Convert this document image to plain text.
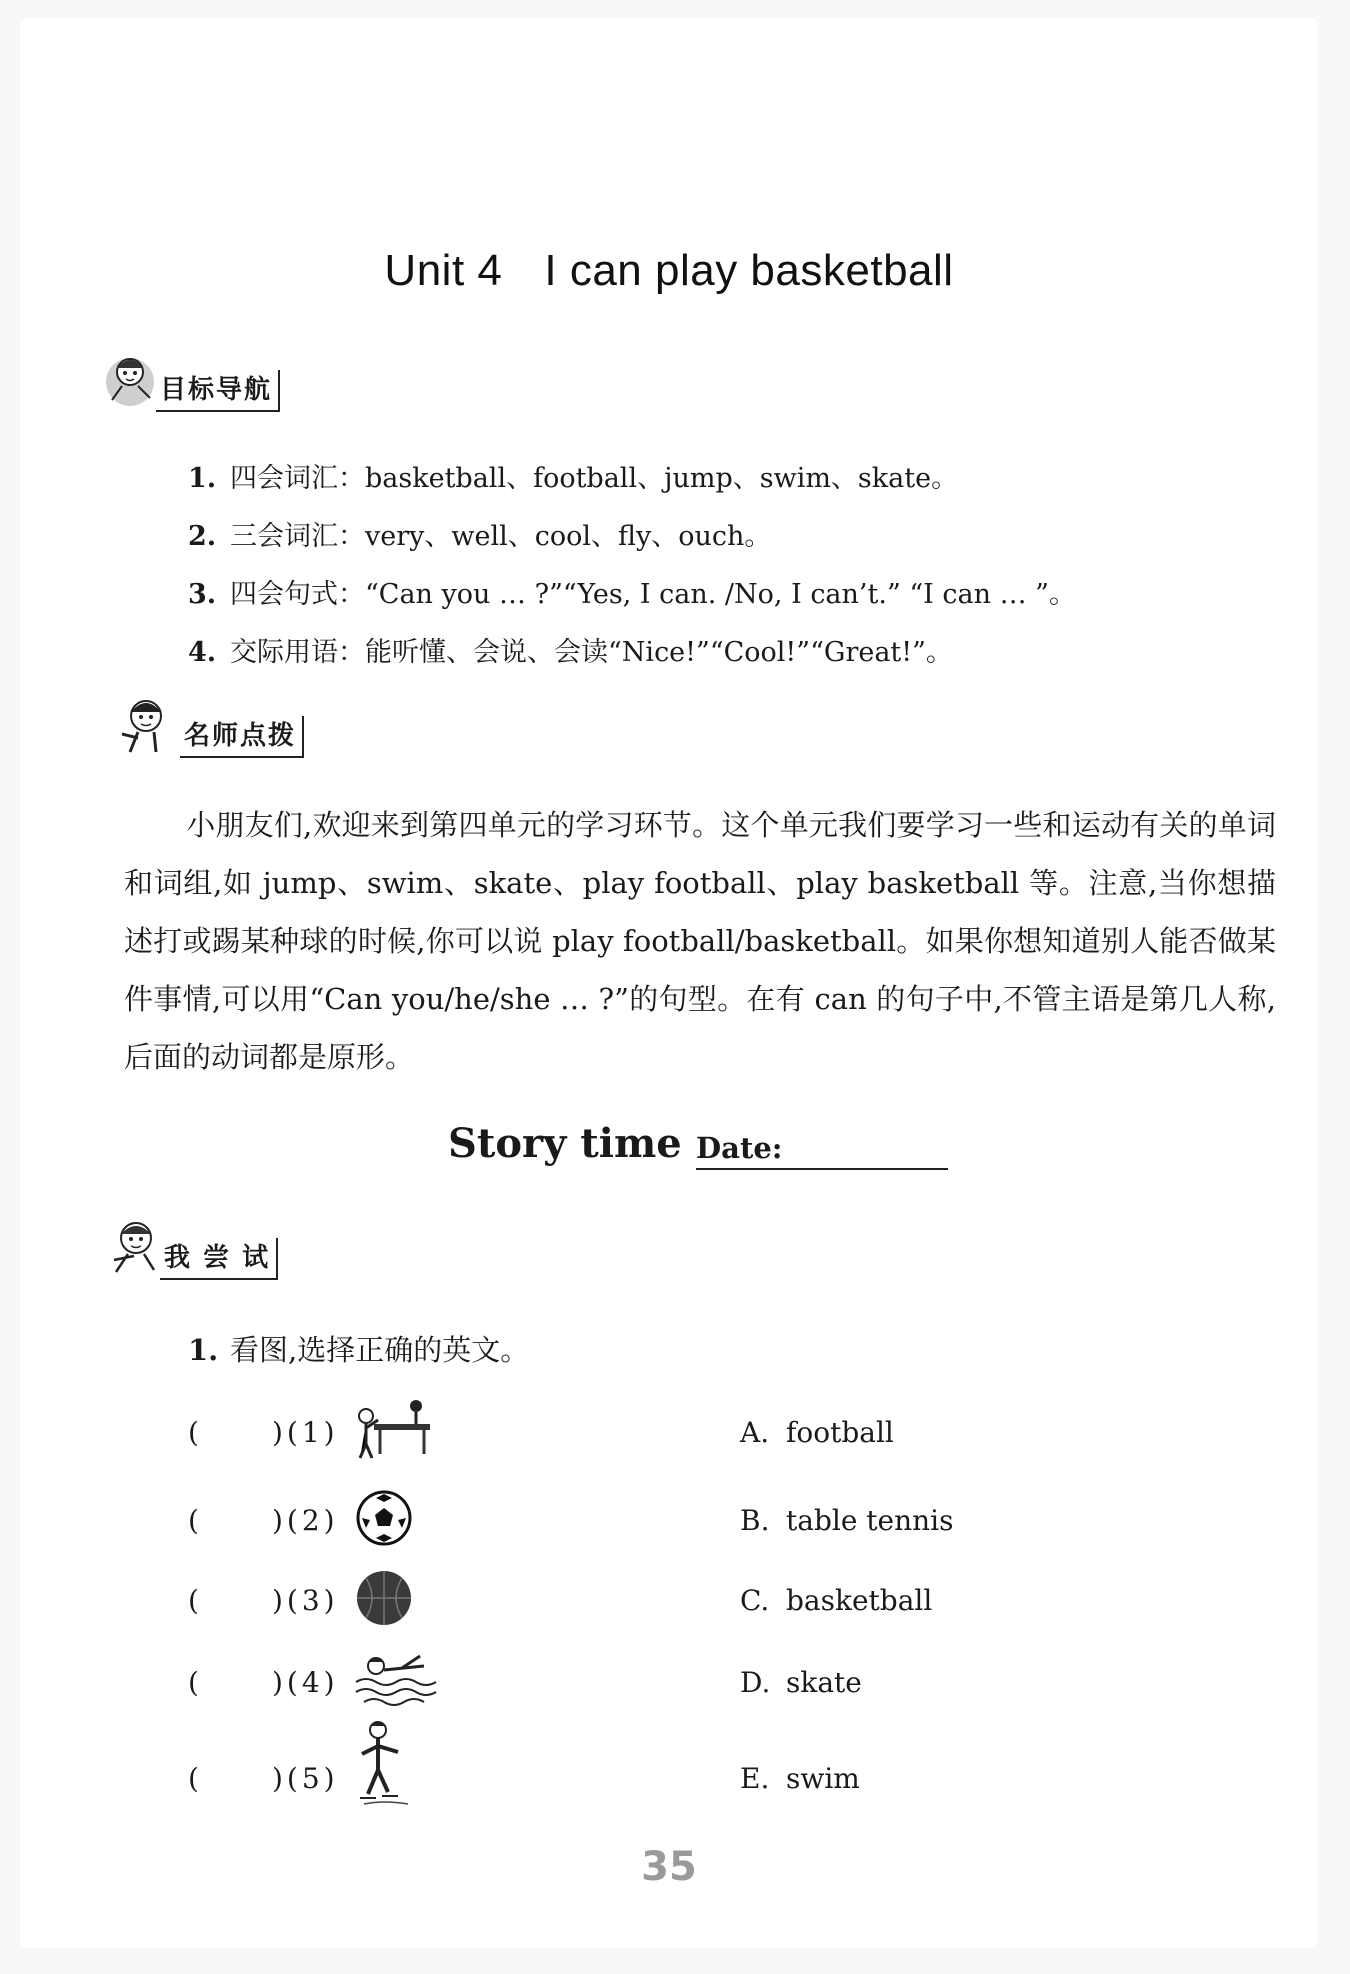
Unit 4 I can play basketball
目标导航
1. 四会词汇：basketball、football、jump、swim、skate。
2. 三会词汇：very、well、cool、fly、ouch。
3. 四会句式：“Can you … ?”“Yes, I can. /No, I can’t.” “I can … ”。
4. 交际用语：能听懂、会说、会读“Nice!”“Cool!”“Great!”。
名师点拨

小朋友们,欢迎来到第四单元的学习环节。这个单元我们要学习一些和运动有关的单词和词组,如 jump、swim、skate、play football、play basketball 等。注意,当你想描述打或踢某种球的时候,你可以说 play football/basketball。如果你想知道别人能否做某件事情,可以用“Can you/he/she … ?”的句型。在有 can 的句子中,不管主语是第几人称,后面的动词都是原形。

Story time Date:
我 尝 试
1. 看图,选择正确的英文。
(	)(1)	A. football
(	)(2)	B. table tennis
(	)(3)	C. basketball
(	)(4)	D. skate
(	)(5)	E. swim
35
